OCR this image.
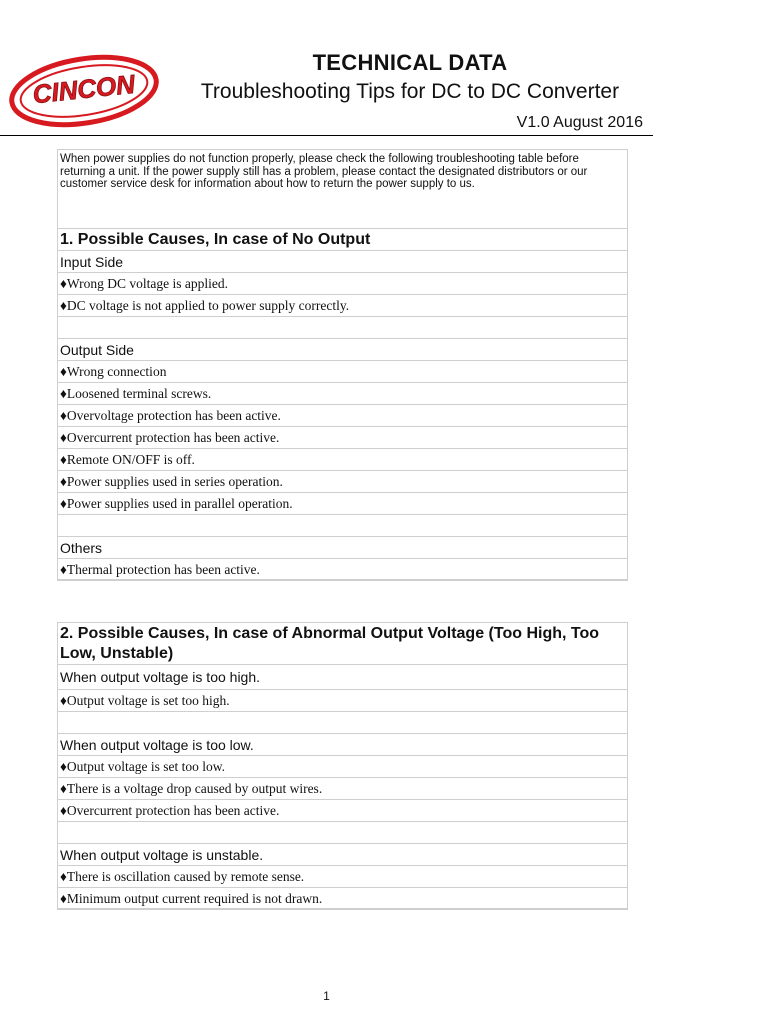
CINCON
TECHNICAL DATA
Troubleshooting Tips for DC to DC Converter
V1.0 August 2016
When power supplies do not function properly, please check the following troubleshooting table before returning a unit. If the power supply still has a problem, please contact the designated distributors or our customer service desk for information about how to return the power supply to us.
1. Possible Causes, In case of No Output
Input Side
♦Wrong DC voltage is applied.
♦DC voltage is not applied to power supply correctly.
Output Side
♦Wrong connection
♦Loosened terminal screws.
♦Overvoltage protection has been active.
♦Overcurrent protection has been active.
♦Remote ON/OFF is off.
♦Power supplies used in series operation.
♦Power supplies used in parallel operation.
Others
♦Thermal protection has been active.
2. Possible Causes, In case of Abnormal Output Voltage (Too High, Too Low, Unstable)
When output voltage is too high.
♦Output voltage is set too high.
When output voltage is too low.
♦Output voltage is set too low.
♦There is a voltage drop caused by output wires.
♦Overcurrent protection has been active.
When output voltage is unstable.
♦There is oscillation caused by remote sense.
♦Minimum output current required is not drawn.
1
